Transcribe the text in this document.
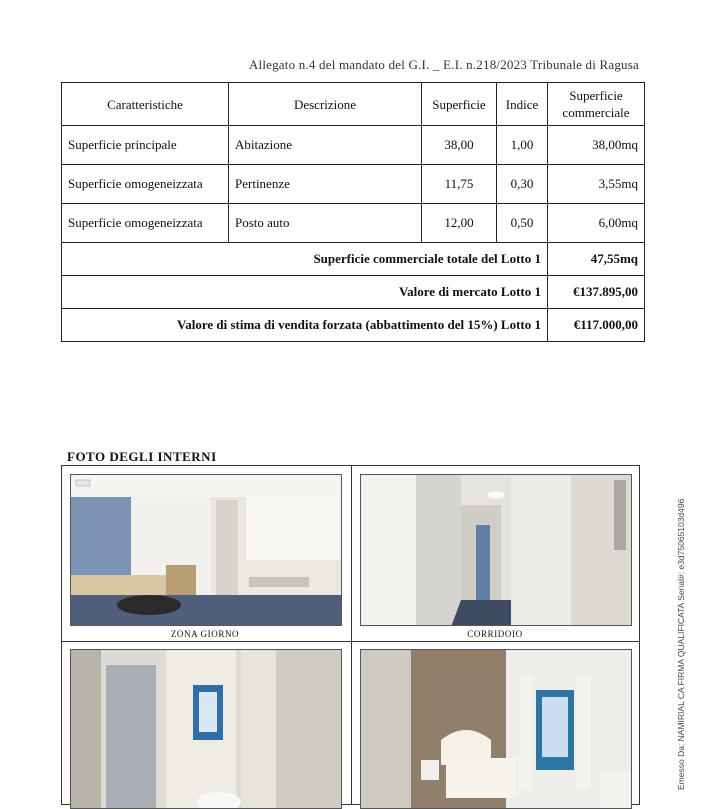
Allegato n.4 del mandato del G.I. _ E.I. n.218/2023 Tribunale di Ragusa
Caratteristiche	Descrizione	Superficie	Indice	Superficie commerciale
Superficie principale	Abitazione	38,00	1,00	38,00mq
Superficie omogeneizzata	Pertinenze	11,75	0,30	3,55mq
Superficie omogeneizzata	Posto auto	12,00	0,50	6,00mq
Superficie commerciale totale del Lotto 1				47,55mq
Valore di mercato Lotto 1				€137.895,00
Valore di stima di vendita forzata (abbattimento del 15%) Lotto 1				€117.000,00
FOTO DEGLI INTERNI
ZONA GIORNO	CORRIDOIO	Emesso Da: NAMIRIAL CA FIRMA QUALIFICATA Serial#: e3d75065103d496
